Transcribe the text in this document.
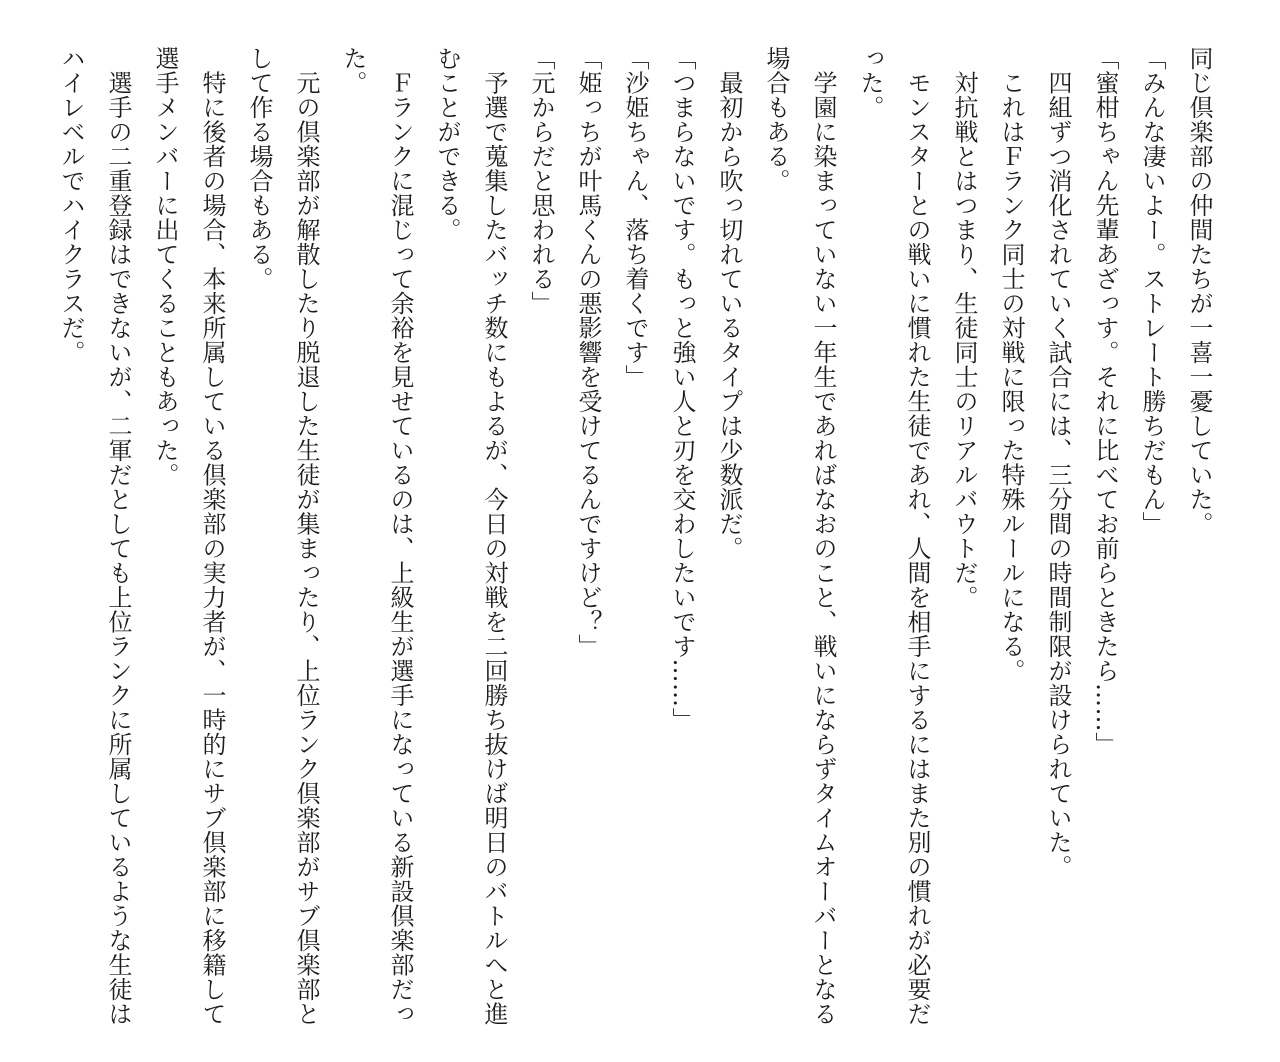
同じ倶楽部の仲間たちが一喜一憂していた。

「みんな凄いよー。ストレート勝ちだもん」

「蜜柑ちゃん先輩あざっす。それに比べてお前らときたら……」

　四組ずつ消化されていく試合には、三分間の時間制限が設けられていた。

　これはＦランク同士の対戦に限った特殊ルールになる。

　対抗戦とはつまり、生徒同士のリアルバウトだ。

　モンスターとの戦いに慣れた生徒であれ、人間を相手にするにはまた別の慣れが必要だった。

　学園に染まっていない一年生であればなおのこと、戦いにならずタイムオーバーとなる場合もある。

　最初から吹っ切れているタイプは少数派だ。

「つまらないです。もっと強い人と刃を交わしたいです……」

「沙姫ちゃん、落ち着くです」

「姫っちが叶馬くんの悪影響を受けてるんですけど？」

「元からだと思われる」

　予選で蒐集したバッチ数にもよるが、今日の対戦を二回勝ち抜けば明日のバトルへと進むことができる。

　Ｆランクに混じって余裕を見せているのは、上級生が選手になっている新設倶楽部だった。

　元の倶楽部が解散したり脱退した生徒が集まったり、上位ランク倶楽部がサブ倶楽部として作る場合もある。

　特に後者の場合、本来所属している倶楽部の実力者が、一時的にサブ倶楽部に移籍して選手メンバーに出てくることもあった。

　選手の二重登録はできないが、二軍だとしても上位ランクに所属しているような生徒はハイレベルでハイクラスだ。
